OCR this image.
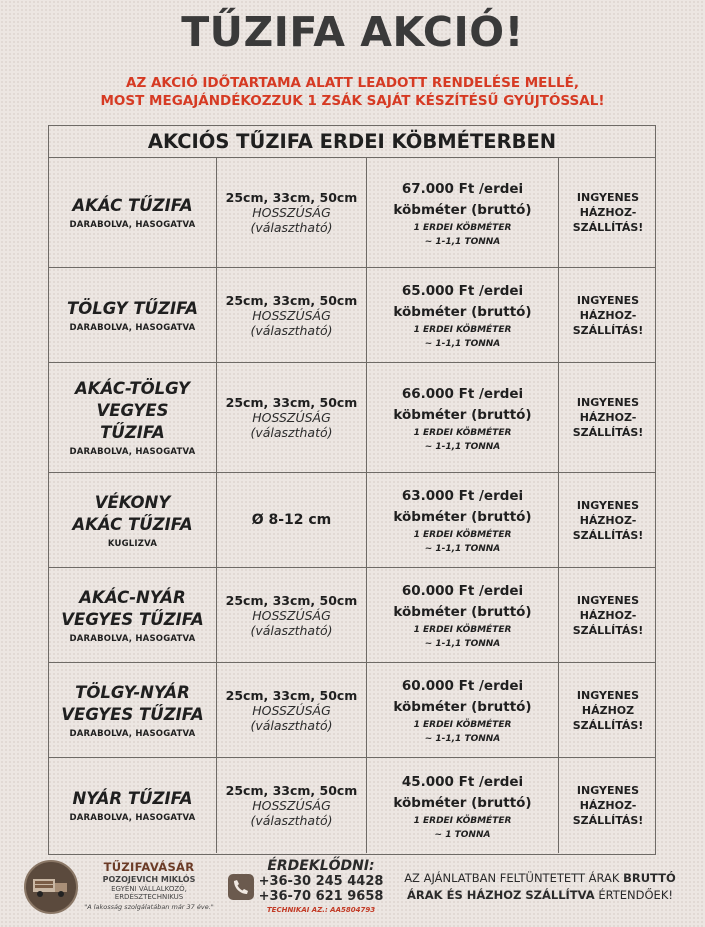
TŰZIFA AKCIÓ!
AZ AKCIÓ IDŐTARTAMA ALATT LEADOTT RENDELÉSE MELLÉ,
MOST MEGAJÁNDÉKOZZUK 1 ZSÁK SAJÁT KÉSZÍTÉSŰ GYÚJTÓSSAL!
AKCIÓS TŰZIFA ERDEI KÖBMÉTERBEN
AKÁC TŰZIFA
DARABOLVA, HASOGATVA
25cm, 33cm, 50cm
HOSSZÚSÁG
(választható)
67.000 Ft /erdei
köbméter (bruttó)
1 ERDEI KÖBMÉTER
~ 1-1,1 TONNA
INGYENES
HÁZHOZ-
SZÁLLÍTÁS!
TÖLGY TŰZIFA
DARABOLVA, HASOGATVA
25cm, 33cm, 50cm
HOSSZÚSÁG
(választható)
65.000 Ft /erdei
köbméter (bruttó)
1 ERDEI KÖBMÉTER
~ 1-1,1 TONNA
INGYENES
HÁZHOZ-
SZÁLLÍTÁS!
AKÁC-TÖLGY
VEGYES
TŰZIFA
DARABOLVA, HASOGATVA
25cm, 33cm, 50cm
HOSSZÚSÁG
(választható)
66.000 Ft /erdei
köbméter (bruttó)
1 ERDEI KÖBMÉTER
~ 1-1,1 TONNA
INGYENES
HÁZHOZ-
SZÁLLÍTÁS!
VÉKONY
AKÁC TŰZIFA
KUGLIZVA
Ø 8-12 cm
63.000 Ft /erdei
köbméter (bruttó)
1 ERDEI KÖBMÉTER
~ 1-1,1 TONNA
INGYENES
HÁZHOZ-
SZÁLLÍTÁS!
AKÁC-NYÁR
VEGYES TŰZIFA
DARABOLVA, HASOGATVA
25cm, 33cm, 50cm
HOSSZÚSÁG
(választható)
60.000 Ft /erdei
köbméter (bruttó)
1 ERDEI KÖBMÉTER
~ 1-1,1 TONNA
INGYENES
HÁZHOZ-
SZÁLLÍTÁS!
TÖLGY-NYÁR
VEGYES TŰZIFA
DARABOLVA, HASOGATVA
25cm, 33cm, 50cm
HOSSZÚSÁG
(választható)
60.000 Ft /erdei
köbméter (bruttó)
1 ERDEI KÖBMÉTER
~ 1-1,1 TONNA
INGYENES
HÁZHOZ
SZÁLLÍTÁS!
NYÁR TŰZIFA
DARABOLVA, HASOGATVA
25cm, 33cm, 50cm
HOSSZÚSÁG
(választható)
45.000 Ft /erdei
köbméter (bruttó)
1 ERDEI KÖBMÉTER
~ 1 TONNA
INGYENES
HÁZHOZ-
SZÁLLÍTÁS!
TŰZIFAVÁSÁR
POZOJEVICH MIKLÓS
EGYÉNI VÁLLALKOZÓ, ERDÉSZTECHNIKUS
"A lakosság szolgálatában már 37 éve."
ÉRDEKLŐDNI:
+36-30 245 4428
+36-70 621 9658
TECHNIKAI AZ.: AA5804793
AZ AJÁNLATBAN FELTÜNTETETT ÁRAK BRUTTÓ
ÁRAK ÉS HÁZHOZ SZÁLLÍTVA ÉRTENDŐEK!
